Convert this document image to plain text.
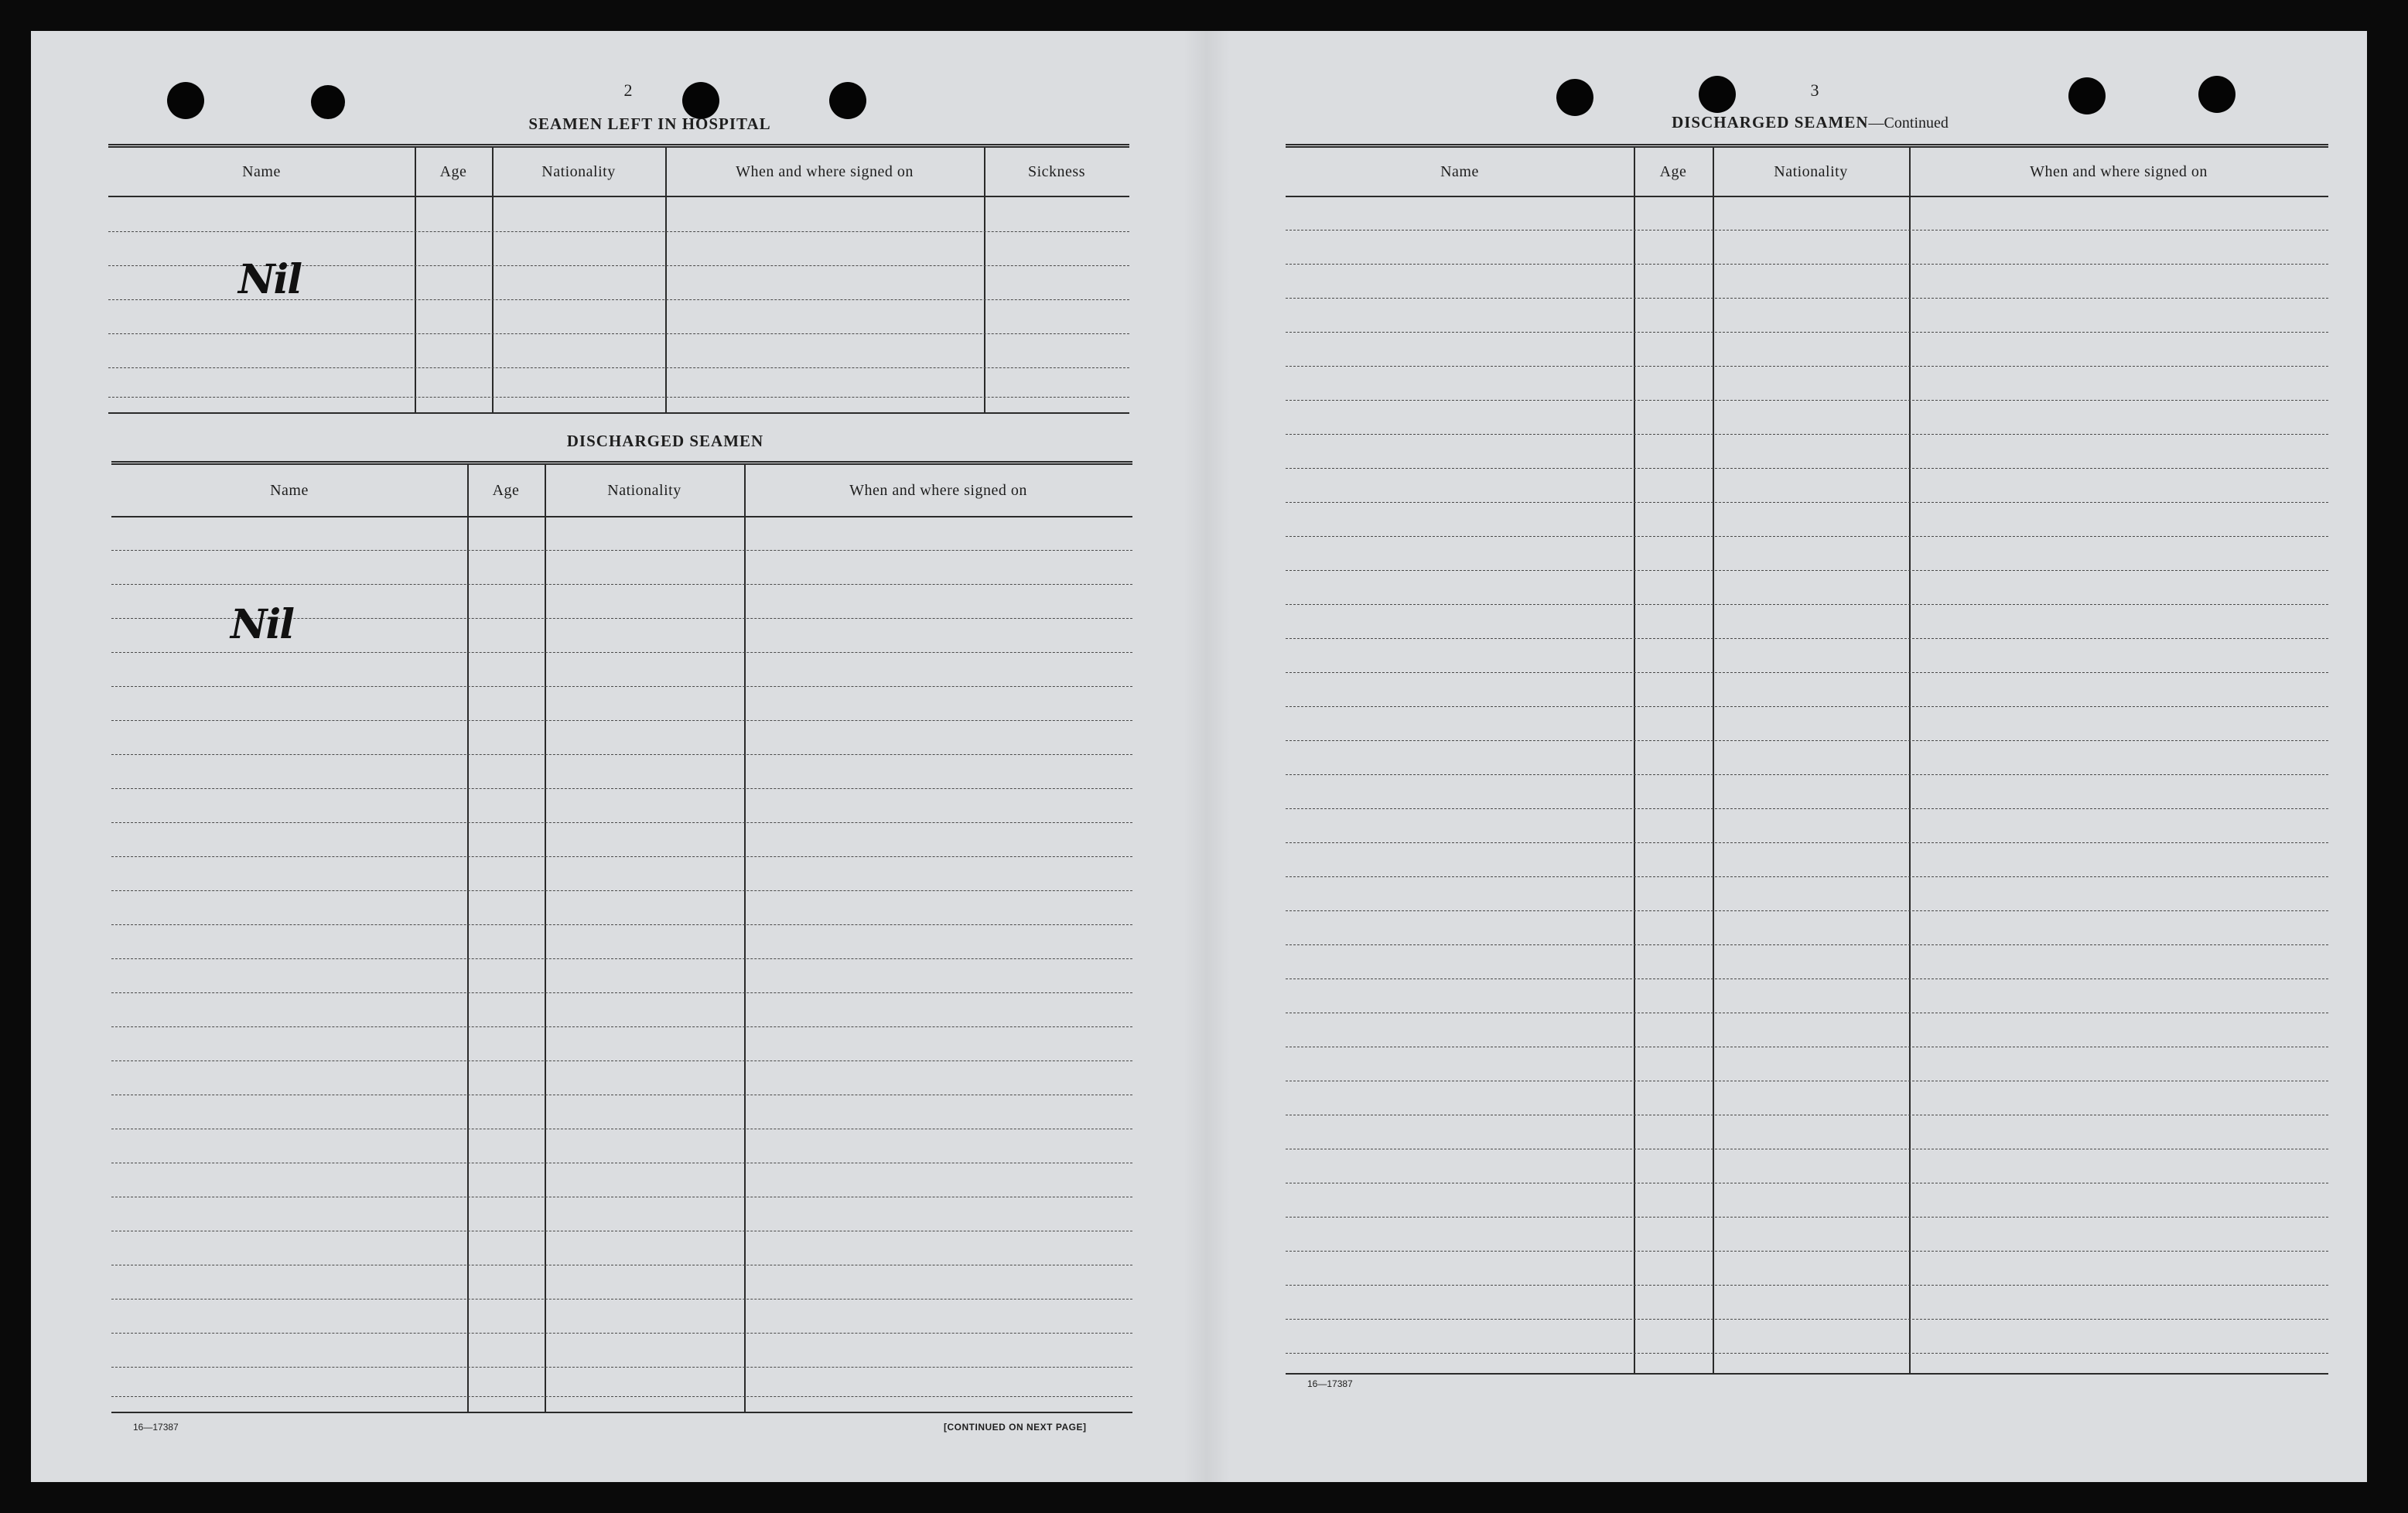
2
SEAMEN LEFT IN HOSPITAL
Name	Age	Nationality	When and where signed on	Sickness
Nil
DISCHARGED SEAMEN
Name	Age	Nationality	When and where signed on
Nil
16—17387	[CONTINUED ON NEXT PAGE]
3
DISCHARGED SEAMEN—Continued
Name	Age	Nationality	When and where signed on
16—17387
